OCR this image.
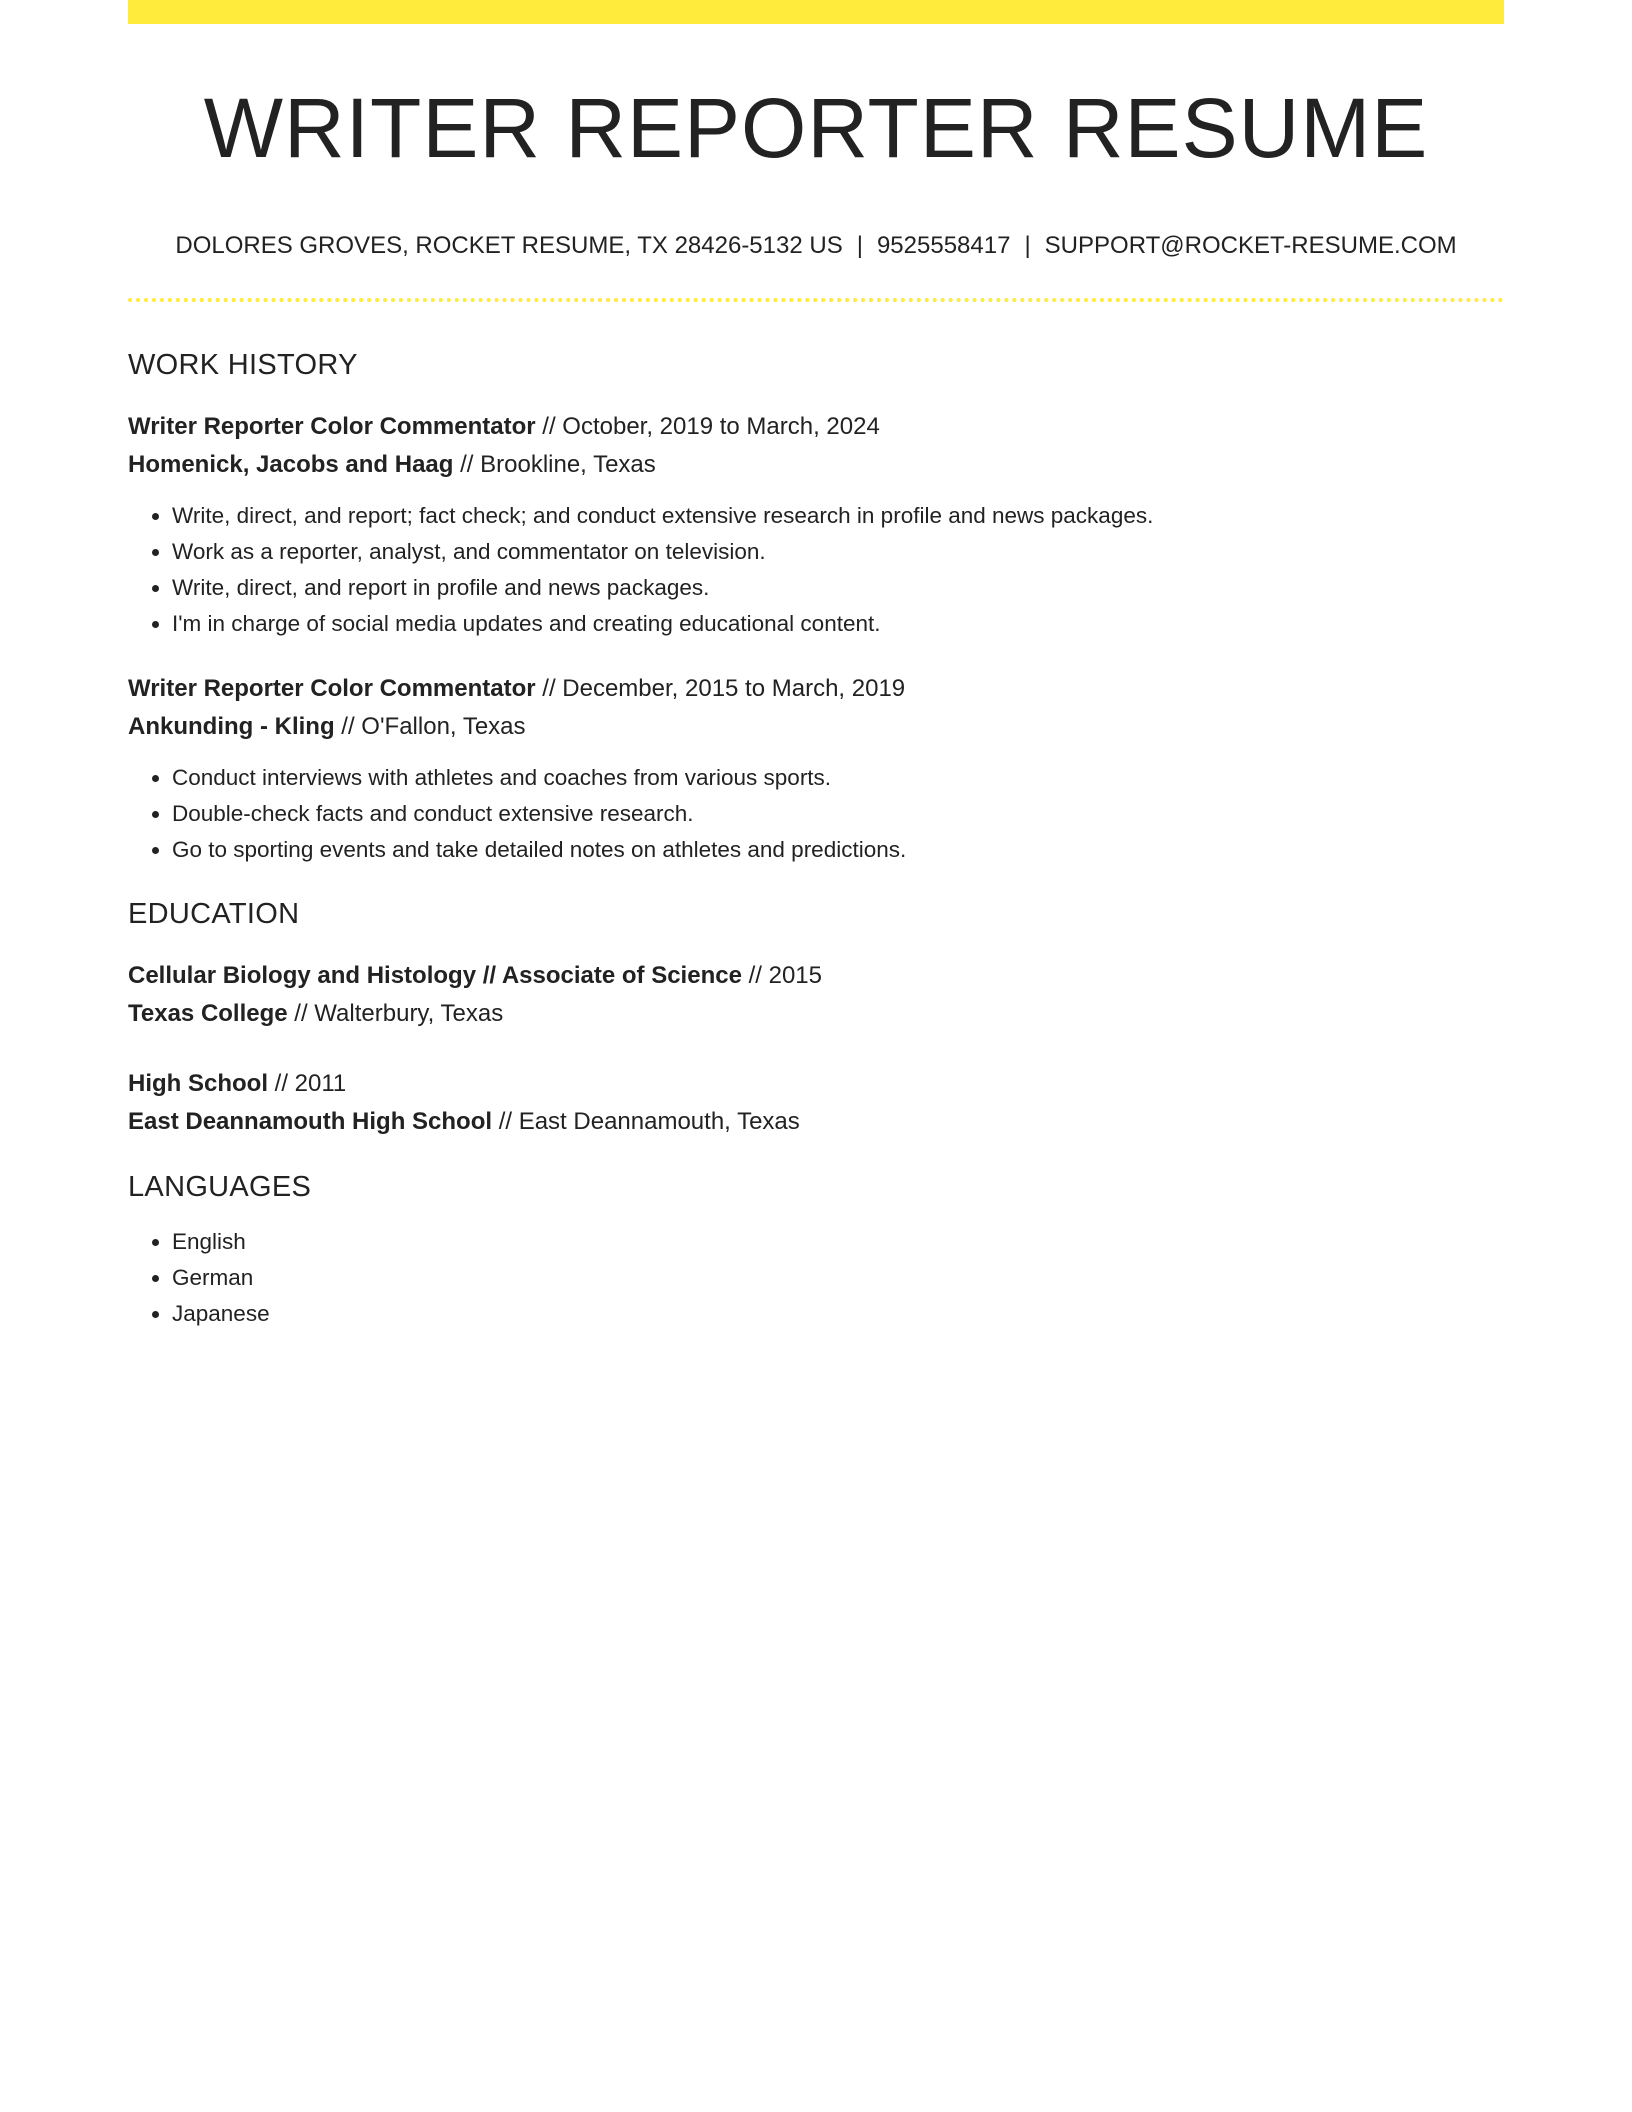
WRITER REPORTER RESUME
DOLORES GROVES, ROCKET RESUME, TX 28426-5132 US | 9525558417 | SUPPORT@ROCKET-RESUME.COM
WORK HISTORY
Writer Reporter Color Commentator // October, 2019 to March, 2024
Homenick, Jacobs and Haag // Brookline, Texas
• Write, direct, and report; fact check; and conduct extensive research in profile and news packages.
• Work as a reporter, analyst, and commentator on television.
• Write, direct, and report in profile and news packages.
• I'm in charge of social media updates and creating educational content.
Writer Reporter Color Commentator // December, 2015 to March, 2019
Ankunding - Kling // O'Fallon, Texas
• Conduct interviews with athletes and coaches from various sports.
• Double-check facts and conduct extensive research.
• Go to sporting events and take detailed notes on athletes and predictions.
EDUCATION
Cellular Biology and Histology // Associate of Science // 2015
Texas College // Walterbury, Texas
High School // 2011
East Deannamouth High School // East Deannamouth, Texas
LANGUAGES
• English
• German
• Japanese
